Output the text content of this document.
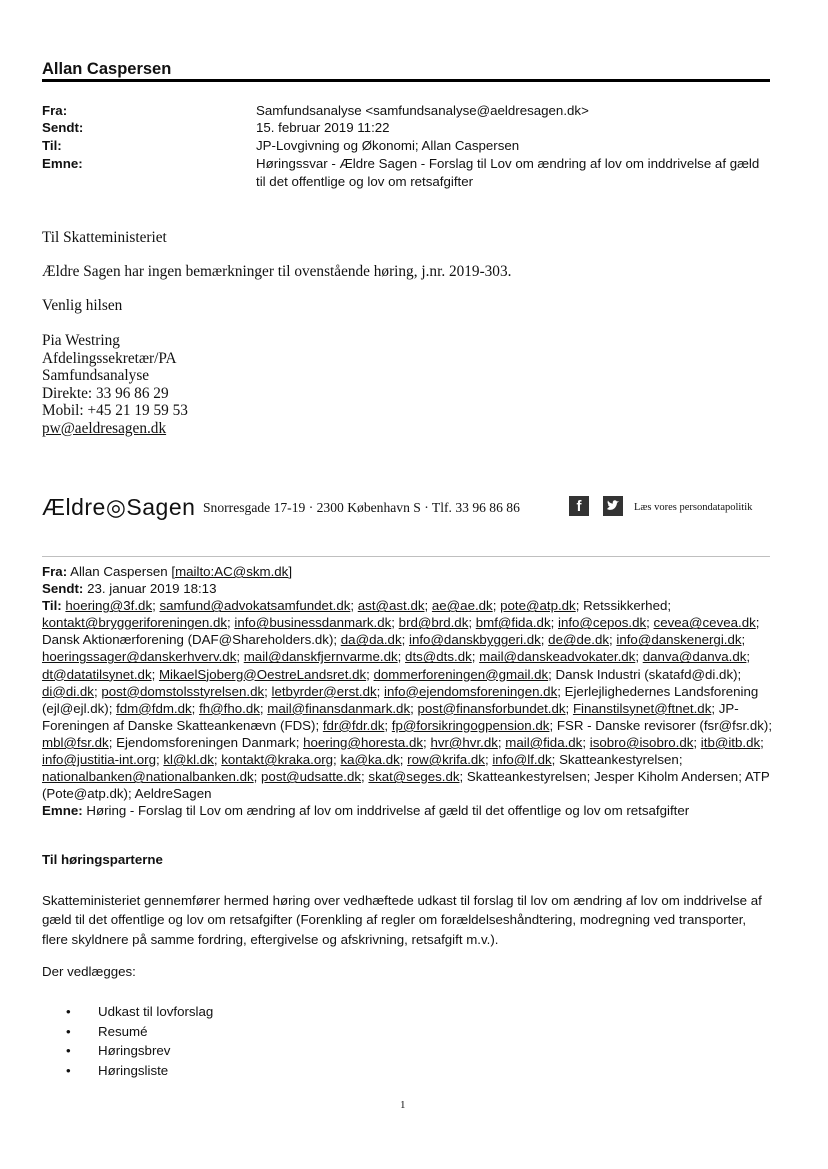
Allan Caspersen
Fra:	Samfundsanalyse <samfundsanalyse@aeldresagen.dk>
Sendt:	15. februar 2019 11:22
Til:	JP-Lovgivning og Økonomi; Allan Caspersen
Emne:	Høringssvar - Ældre Sagen - Forslag til Lov om ændring af lov om inddrivelse af gæld til det offentlige og lov om retsafgifter
Til Skatteministeriet
Ældre Sagen har ingen bemærkninger til ovenstående høring, j.nr. 2019-303.
Venlig hilsen
Pia Westring
Afdelingssekretær/PA
Samfundsanalyse
Direkte: 33 96 86 29
Mobil: +45 21 19 59 53
pw@aeldresagen.dk
Ældre◎Sagen Snorresgade 17-19 · 2300 København S · Tlf. 33 96 86 86	f	Læs vores persondatapolitik
Fra: Allan Caspersen [mailto:AC@skm.dk]
Sendt: 23. januar 2019 18:13
Til: hoering@3f.dk; samfund@advokatsamfundet.dk; ast@ast.dk; ae@ae.dk; pote@atp.dk; Retssikkerhed; kontakt@bryggeriforeningen.dk; info@businessdanmark.dk; brd@brd.dk; bmf@fida.dk; info@cepos.dk; cevea@cevea.dk; Dansk Aktionærforening (DAF@Shareholders.dk); da@da.dk; info@danskbyggeri.dk; de@de.dk; info@danskenergi.dk; hoeringssager@danskerhverv.dk; mail@danskfjernvarme.dk; dts@dts.dk; mail@danskeadvokater.dk; danva@danva.dk; dt@datatilsynet.dk; MikaelSjoberg@OestreLandsret.dk; dommerforeningen@gmail.dk; Dansk Industri (skatafd@di.dk); di@di.dk; post@domstolsstyrelsen.dk; letbyrder@erst.dk; info@ejendomsforeningen.dk; Ejerlejlighedernes Landsforening (ejl@ejl.dk); fdm@fdm.dk; fh@fho.dk; mail@finansdanmark.dk; post@finansforbundet.dk; Finanstilsynet@ftnet.dk; JP-Foreningen af Danske Skatteankenævn (FDS); fdr@fdr.dk; fp@forsikringogpension.dk; FSR - Danske revisorer (fsr@fsr.dk); mbl@fsr.dk; Ejendomsforeningen Danmark; hoering@horesta.dk; hvr@hvr.dk; mail@fida.dk; isobro@isobro.dk; itb@itb.dk; info@justitia-int.org; kl@kl.dk; kontakt@kraka.org; ka@ka.dk; row@krifa.dk; info@lf.dk; Skatteankestyrelsen; nationalbanken@nationalbanken.dk; post@udsatte.dk; skat@seges.dk; Skatteankestyrelsen; Jesper Kiholm Andersen; ATP (Pote@atp.dk); AeldreSagen
Emne: Høring - Forslag til Lov om ændring af lov om inddrivelse af gæld til det offentlige og lov om retsafgifter
Til høringsparterne
Skatteministeriet gennemfører hermed høring over vedhæftede udkast til forslag til lov om ændring af lov om inddrivelse af gæld til det offentlige og lov om retsafgifter (Forenkling af regler om forældelseshåndtering, modregning ved transporter, flere skyldnere på samme fordring, eftergivelse og afskrivning, retsafgift m.v.).
Der vedlægges:
• Udkast til lovforslag
• Resumé
• Høringsbrev
• Høringsliste
1
